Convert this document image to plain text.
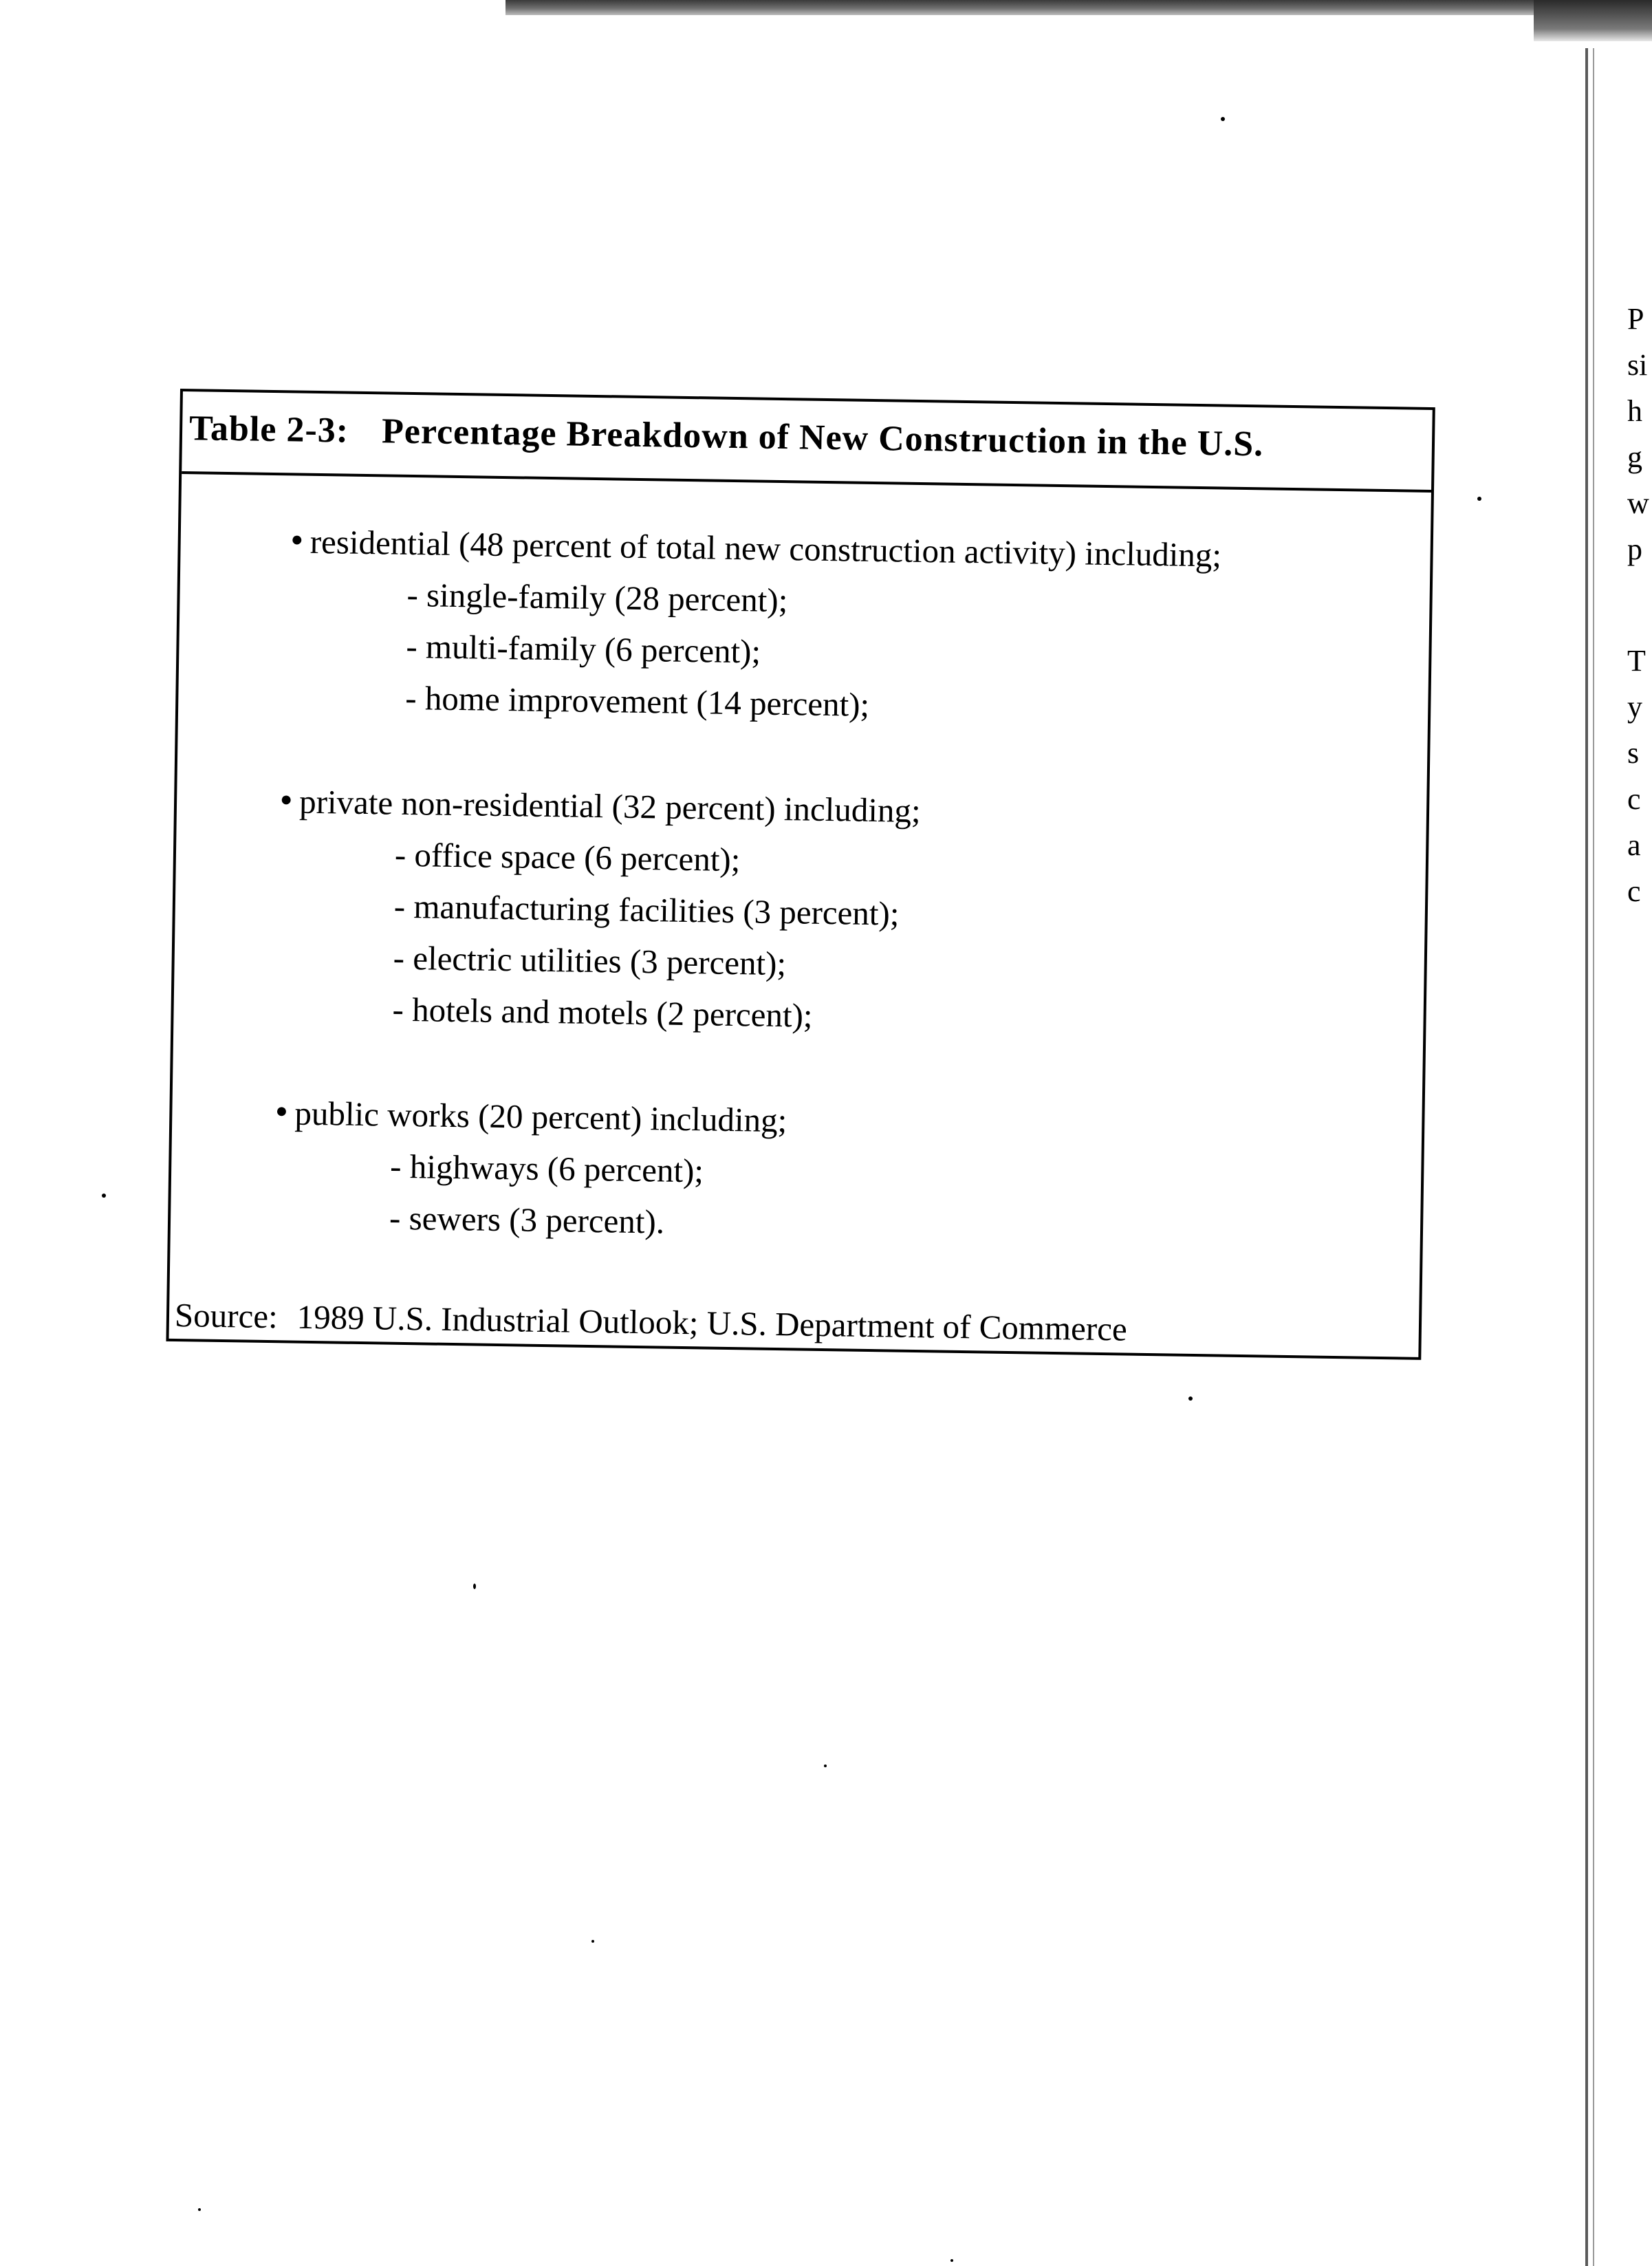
Table 2-3: Percentage Breakdown of New Construction in the U.S.
● residential (48 percent of total new construction activity) including;
- single-family (28 percent);
- multi-family (6 percent);
- home improvement (14 percent);
● private non-residential (32 percent) including;
- office space (6 percent);
- manufacturing facilities (3 percent);
- electric utilities (3 percent);
- hotels and motels (2 percent);
● public works (20 percent) including;
- highways (6 percent);
- sewers (3 percent).
Source: 1989 U.S. Industrial Outlook; U.S. Department of Commerce
P
si
h
g
w
p
T
y
s
c
a
c
